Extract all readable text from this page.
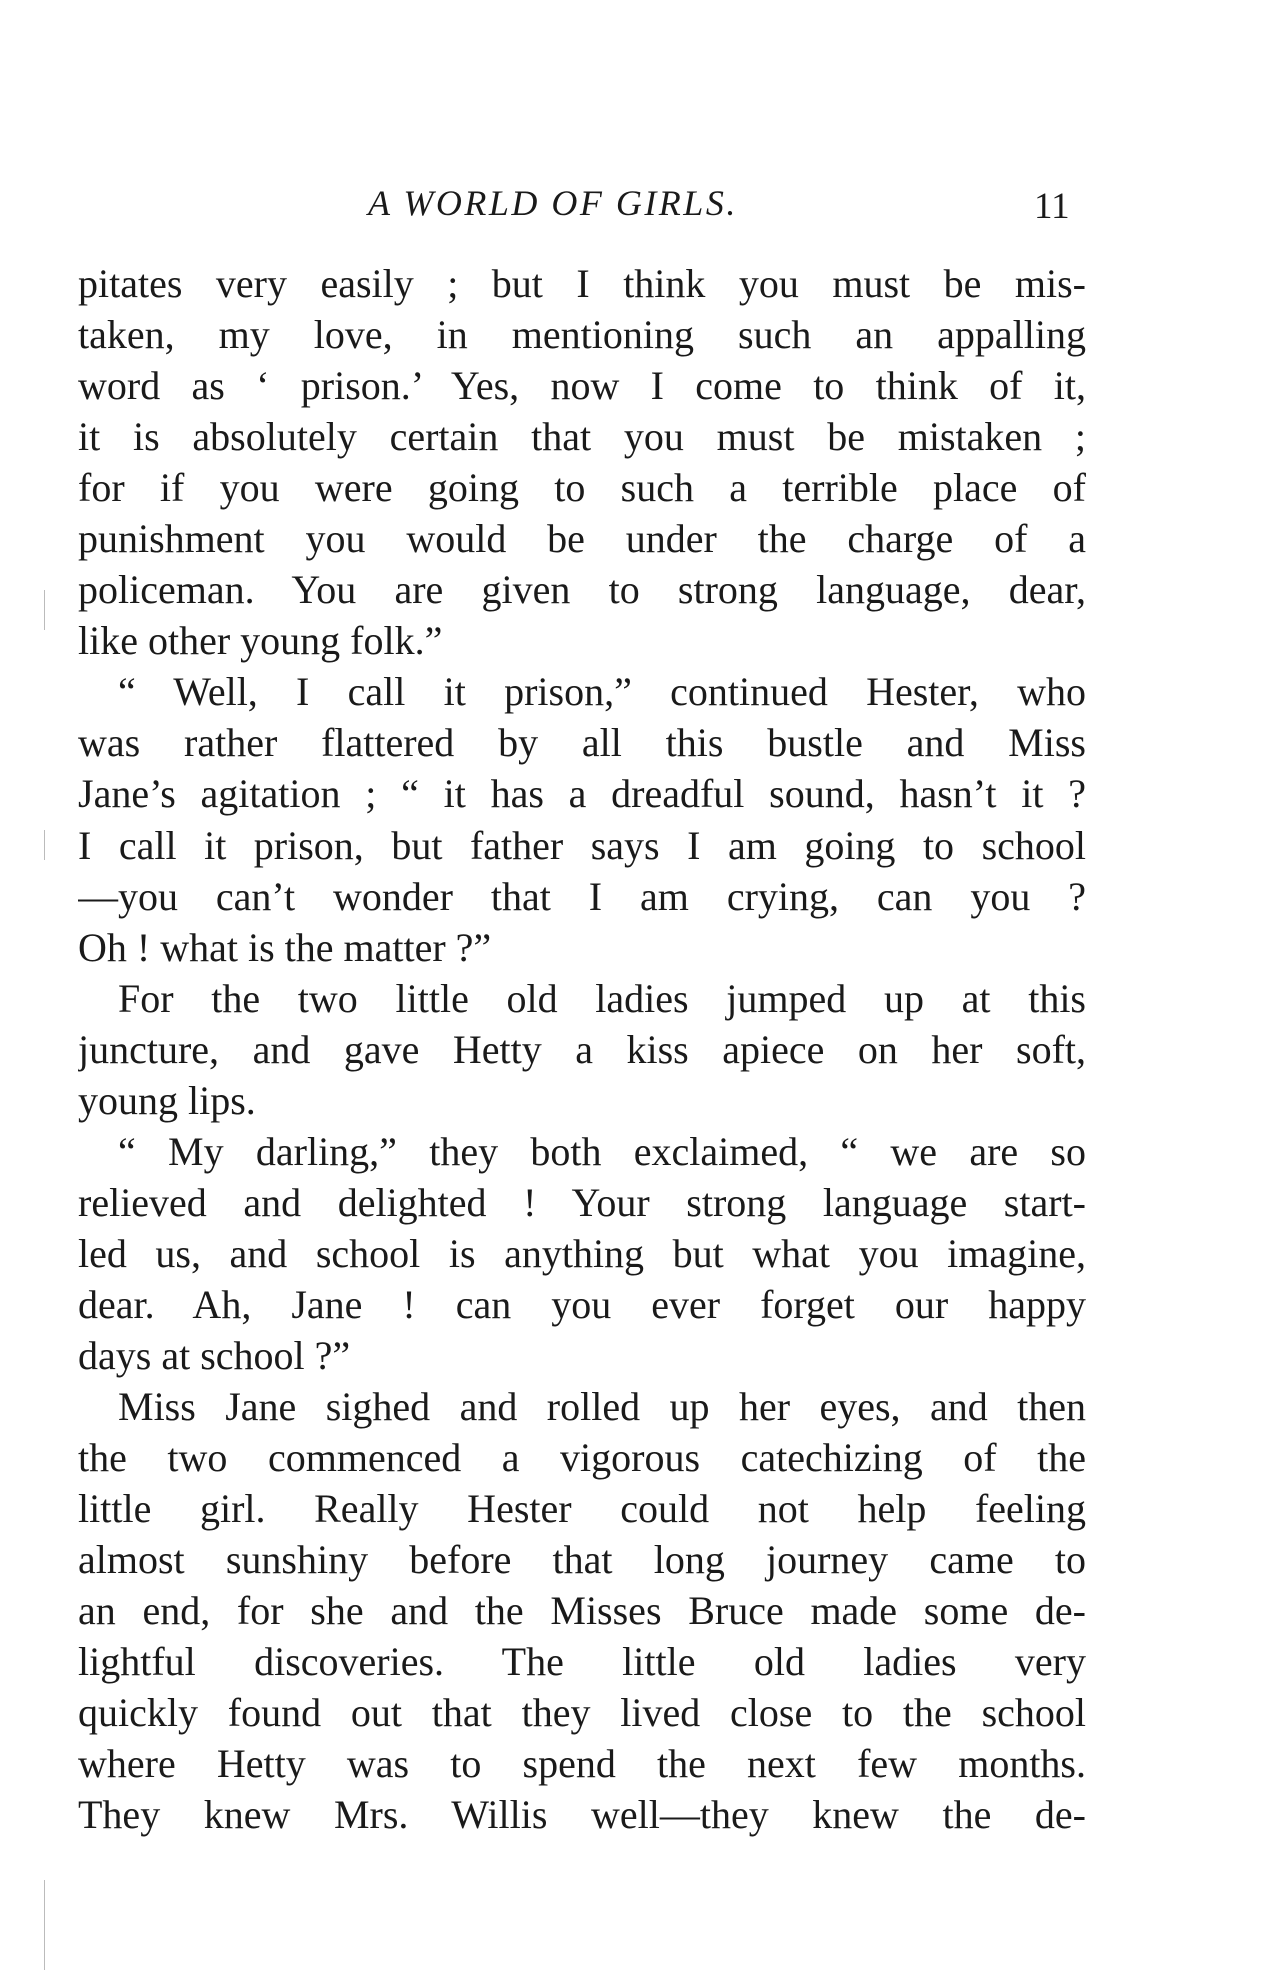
A WORLD OF GIRLS.	11
pitates very easily ; but I think you must be mis-
taken, my love, in mentioning such an appalling
word as ‘ prison.’ Yes, now I come to think of it,
it is absolutely certain that you must be mistaken ;
for if you were going to such a terrible place of
punishment you would be under the charge of a
policeman. You are given to strong language, dear,
like other young folk.”
“ Well, I call it prison,” continued Hester, who
was rather flattered by all this bustle and Miss
Jane’s agitation ; “ it has a dreadful sound, hasn’t it ?
I call it prison, but father says I am going to school
—you can’t wonder that I am crying, can you ?
Oh ! what is the matter ?”
For the two little old ladies jumped up at this
juncture, and gave Hetty a kiss apiece on her soft,
young lips.
“ My darling,” they both exclaimed, “ we are so
relieved and delighted ! Your strong language start-
led us, and school is anything but what you imagine,
dear. Ah, Jane ! can you ever forget our happy
days at school ?”
Miss Jane sighed and rolled up her eyes, and then
the two commenced a vigorous catechizing of the
little girl. Really Hester could not help feeling
almost sunshiny before that long journey came to
an end, for she and the Misses Bruce made some de-
lightful discoveries. The little old ladies very
quickly found out that they lived close to the school
where Hetty was to spend the next few months.
They knew Mrs. Willis well—they knew the de-
